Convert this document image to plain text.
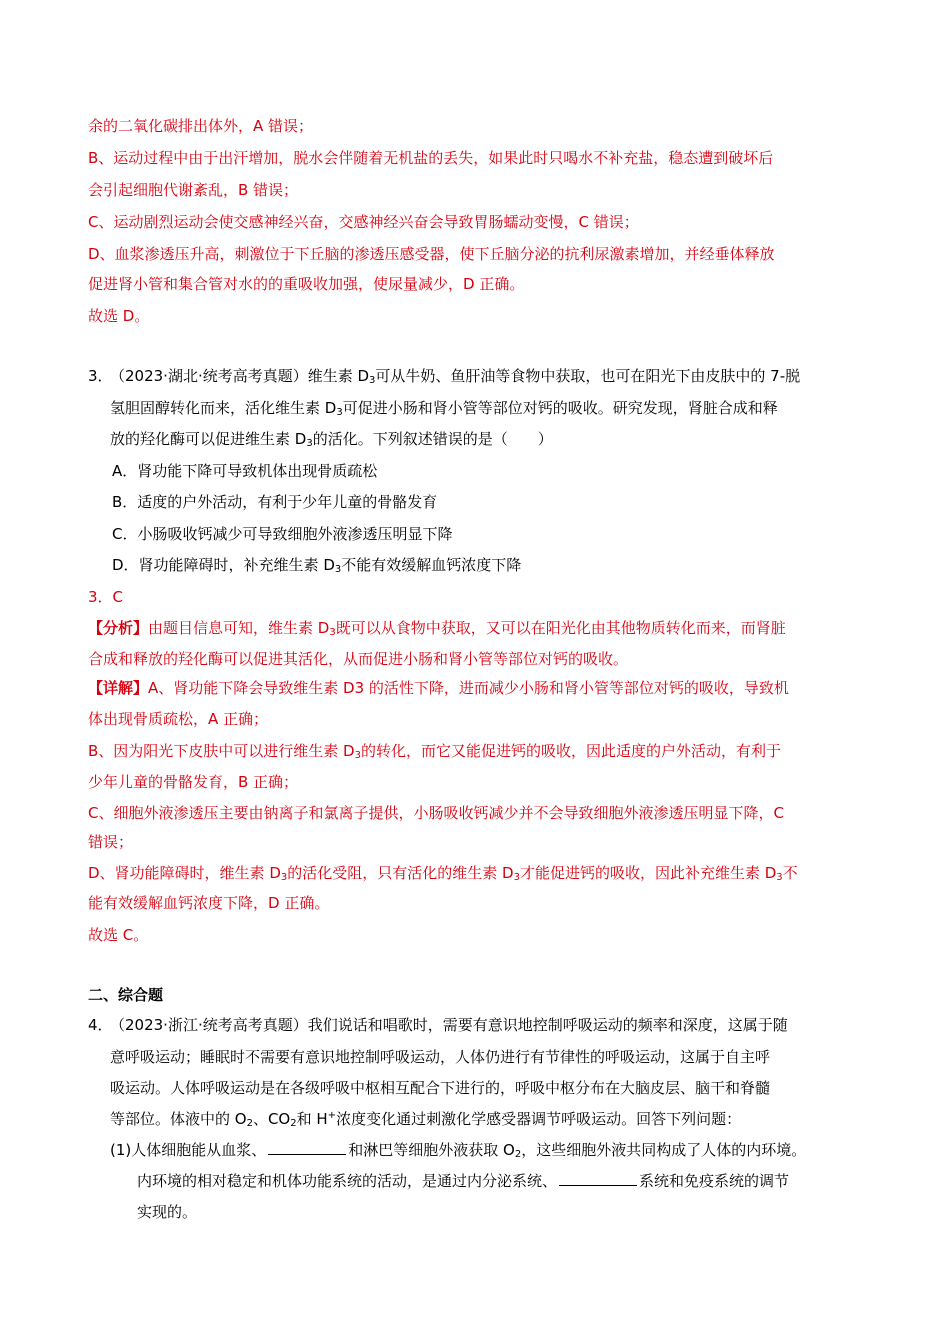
余的二氧化碳排出体外，A 错误；
B、运动过程中由于出汗增加，脱水会伴随着无机盐的丢失，如果此时只喝水不补充盐，稳态遭到破坏后
会引起细胞代谢紊乱，B 错误；
C、运动剧烈运动会使交感神经兴奋，交感神经兴奋会导致胃肠蠕动变慢，C 错误；
D、血浆渗透压升高，刺激位于下丘脑的渗透压感受器，使下丘脑分泌的抗利尿激素增加，并经垂体释放
促进肾小管和集合管对水的的重吸收加强，使尿量减少，D 正确。
故选 D。
3．
（2023·湖北·统考高考真题）维生素 $D_3$可从牛奶、鱼肝油等食物中获取，也可在阳光下由皮肤中的 7-脱
氢胆固醇转化而来，活化维生素 $D_3$可促进小肠和肾小管等部位对钙的吸收。研究发现，肾脏合成和释
放的羟化酶可以促进维生素 $D_3$的活化。下列叙述错误的是（　　）
A．肾功能下降可导致机体出现骨质疏松
B．适度的户外活动，有利于少年儿童的骨骼发育
C．小肠吸收钙减少可导致细胞外液渗透压明显下降
D．肾功能障碍时，补充维生素 $D_3$不能有效缓解血钙浓度下降
3．C
【分析】由题目信息可知，维生素 $D_3$既可以从食物中获取，又可以在阳光化由其他物质转化而来，而肾脏
合成和释放的羟化酶可以促进其活化，从而促进小肠和肾小管等部位对钙的吸收。
【详解】A、肾功能下降会导致维生素 D3 的活性下降，进而减少小肠和肾小管等部位对钙的吸收，导致机
体出现骨质疏松，A 正确；
B、因为阳光下皮肤中可以进行维生素 $D_3$的转化，而它又能促进钙的吸收，因此适度的户外活动，有利于
少年儿童的骨骼发育，B 正确；
C、细胞外液渗透压主要由钠离子和氯离子提供，小肠吸收钙减少并不会导致细胞外液渗透压明显下降，C
错误；
D、肾功能障碍时，维生素 $D_3$的活化受阻，只有活化的维生素 $D_3$才能促进钙的吸收，因此补充维生素 $D_3$不
能有效缓解血钙浓度下降，D 正确。
故选 C。
二、综合题
4．
（2023·浙江·统考高考真题）我们说话和唱歌时，需要有意识地控制呼吸运动的频率和深度，这属于随
意呼吸运动；睡眠时不需要有意识地控制呼吸运动，人体仍进行有节律性的呼吸运动，这属于自主呼
吸运动。人体呼吸运动是在各级呼吸中枢相互配合下进行的，呼吸中枢分布在大脑皮层、脑干和脊髓
等部位。体液中的 $O_2$、$CO_2$和 H+浓度变化通过刺激化学感受器调节呼吸运动。回答下列问题：
(1)人体细胞能从血浆、	和淋巴等细胞外液获取 $O_2$，这些细胞外液共同构成了人体的内环境。
内环境的相对稳定和机体功能系统的活动，是通过内分泌系统、	系统和免疫系统的调节
实现的。
